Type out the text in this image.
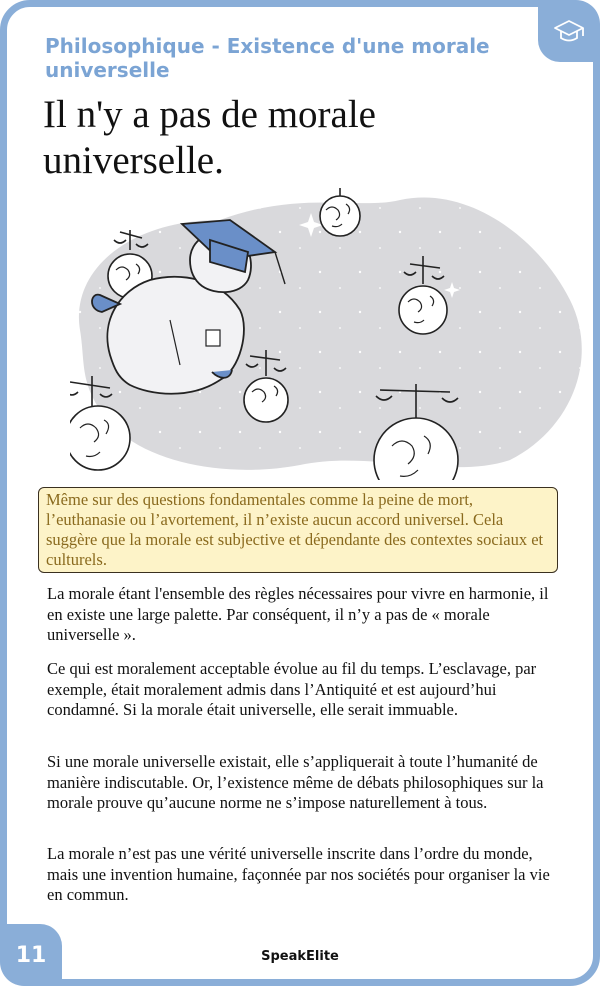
Philosophique - Existence d'une morale universelle
Il n'y a pas de morale universelle.
Même sur des questions fondamentales comme la peine de mort, l’euthanasie ou l’avortement, il n’existe aucun accord universel. Cela suggère que la morale est subjective et dépendante des contextes sociaux et culturels.

La morale étant l'ensemble des règles nécessaires pour vivre en harmonie, il en existe une large palette. Par conséquent, il n’y a pas de « morale universelle ».

Ce qui est moralement acceptable évolue au fil du temps. L’esclavage, par exemple, était moralement admis dans l’Antiquité et est aujourd’hui condamné. Si la morale était universelle, elle serait immuable.

Si une morale universelle existait, elle s’appliquerait à toute l’humanité de manière indiscutable. Or, l’existence même de débats philosophiques sur la morale prouve qu’aucune norme ne s’impose naturellement à tous.

La morale n’est pas une vérité universelle inscrite dans l’ordre du monde, mais une invention humaine, façonnée par nos sociétés pour organiser la vie en commun.

11	SpeakElite
